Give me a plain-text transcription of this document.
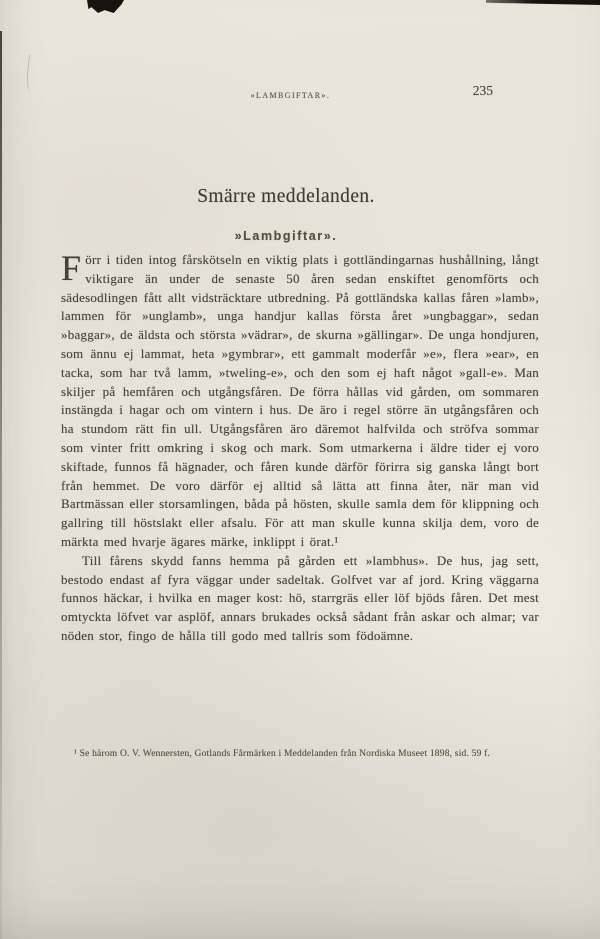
»LAMBGIFTAR».	235
Smärre meddelanden.
»Lambgiftar».

Förr i tiden intog fårskötseln en viktig plats i gottländingarnas hushållning, långt viktigare än under de senaste 50 åren sedan enskiftet genomförts och sädesodlingen fått allt vidsträcktare utbredning. På gottländska kallas fåren »lamb», lammen för »unglamb», unga handjur kallas första året »ungbaggar», sedan »baggar», de äldsta och största »vädrar», de skurna »gällingar». De unga hondjuren, som ännu ej lammat, heta »gymbrar», ett gammalt moderfår »e», flera »ear», en tacka, som har två lamm, »tweling-e», och den som ej haft något »gall-e». Man skiljer på hemfåren och utgångsfåren. De förra hållas vid gården, om sommaren instängda i hagar och om vintern i hus. De äro i regel större än utgångsfåren och ha stundom rätt fin ull. Utgångsfåren äro däremot halfvilda och ströfva sommar som vinter fritt omkring i skog och mark. Som utmarkerna i äldre tider ej voro skiftade, funnos få hägnader, och fåren kunde därför förirra sig ganska långt bort från hemmet. De voro därför ej alltid så lätta att finna åter, när man vid Bartmässan eller storsamlingen, båda på hösten, skulle samla dem för klippning och gallring till höstslakt eller afsalu. För att man skulle kunna skilja dem, voro de märkta med hvarje ägares märke, inklippt i örat.¹

Till fårens skydd fanns hemma på gården ett »lambhus». De hus, jag sett, bestodo endast af fyra väggar under sadeltak. Golfvet var af jord. Kring väggarna funnos häckar, i hvilka en mager kost: hö, starrgräs eller löf bjöds fåren. Det mest omtyckta löfvet var asplöf, annars brukades också sådant från askar och almar; var nöden stor, fingo de hålla till godo med tallris som födoämne.

¹ Se härom O. V. Wennersten, Gotlands Fårmärken i Meddelanden från Nordiska Museet 1898, sid. 59 f.
